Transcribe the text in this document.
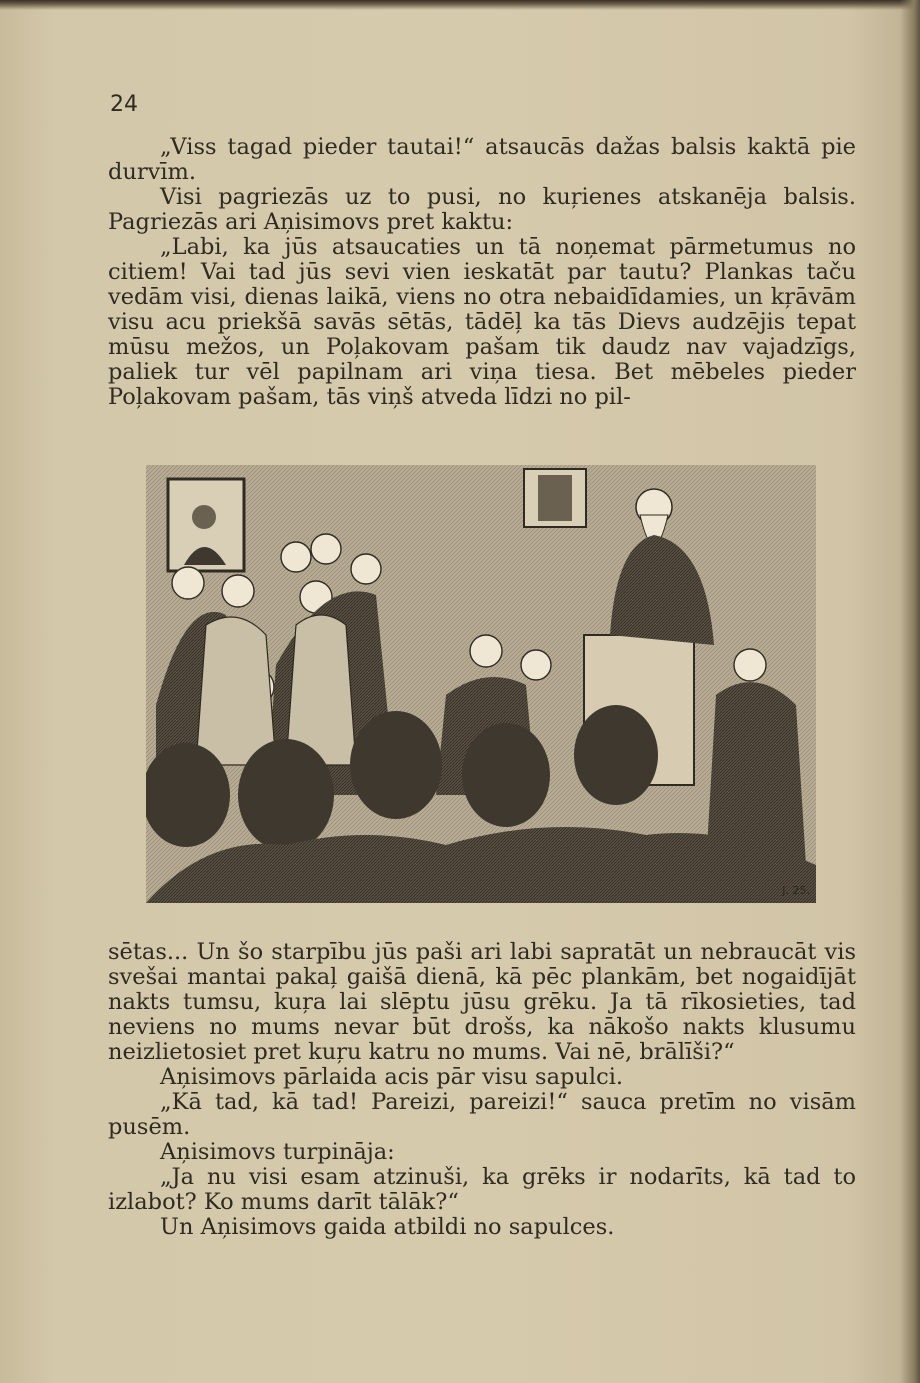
24

„Viss tagad pieder tautai!“ atsaucās dažas balsis kaktā pie durvīm.

Visi pagriezās uz to pusi, no kuŗienes atskanēja balsis. Pagriezās ari Aņisimovs pret kaktu:

„Labi, ka jūs atsaucaties un tā noņemat pārmetumus no citiem! Vai tad jūs sevi vien ieskatāt par tautu? Plankas taču vedām visi, dienas laikā, viens no otra nebaidīdamies, un kŗāvām visu acu priekšā savās sētās, tādēļ ka tās Dievs audzējis tepat mūsu mežos, un Poļakovam pašam tik daudz nav vajadzīgs, paliek tur vēl papilnam ari viņa tiesa. Bet mēbeles pieder Poļakovam pašam, tās viņš atveda līdzi no pil-

J. 25.

sētas... Un šo starpību jūs paši ari labi sapratāt un nebraucāt vis svešai mantai pakaļ gaišā dienā, kā pēc plankām, bet nogaidījāt nakts tumsu, kuŗa lai slēptu jūsu grēku. Ja tā rīkosieties, tad neviens no mums nevar būt drošs, ka nākošo nakts klusumu neizlietosiet pret kuŗu katru no mums. Vai nē, brālīši?“

Aņisimovs pārlaida acis pār visu sapulci.

„Kā tad, kā tad! Pareizi, pareizi!“ sauca pretīm no visām pusēm.

Aņisimovs turpināja:

„Ja nu visi esam atzinuši, ka grēks ir nodarīts, kā tad to izlabot? Ko mums darīt tālāk?“

Un Aņisimovs gaida atbildi no sapulces.
